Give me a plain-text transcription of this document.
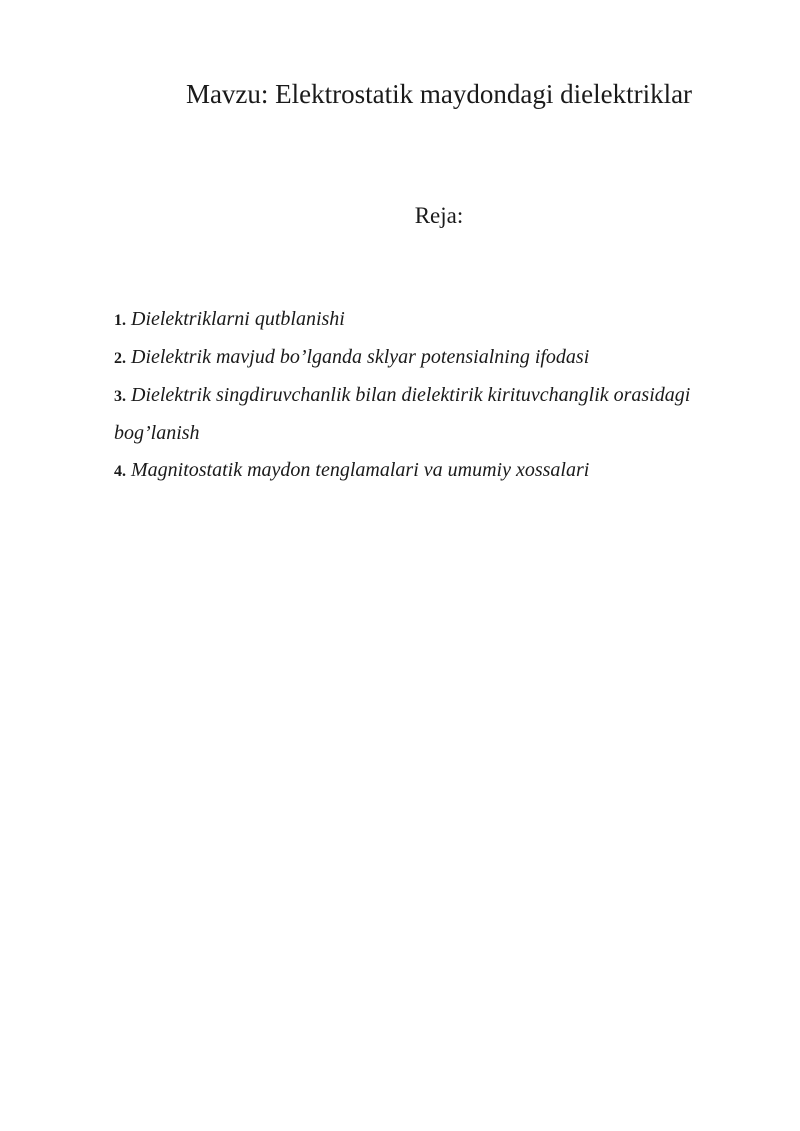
Mavzu: Elektrostatik maydondagi dielektriklar
Reja:
1. Dielektriklarni qutblanishi
2. Dielektrik mavjud bo’lganda sklyar potensialning ifodasi
3. Dielektrik singdiruvchanlik bilan dielektirik kirituvchanglik orasidagi bog’lanish
4. Magnitostatik maydon tenglamalari va umumiy xossalari
